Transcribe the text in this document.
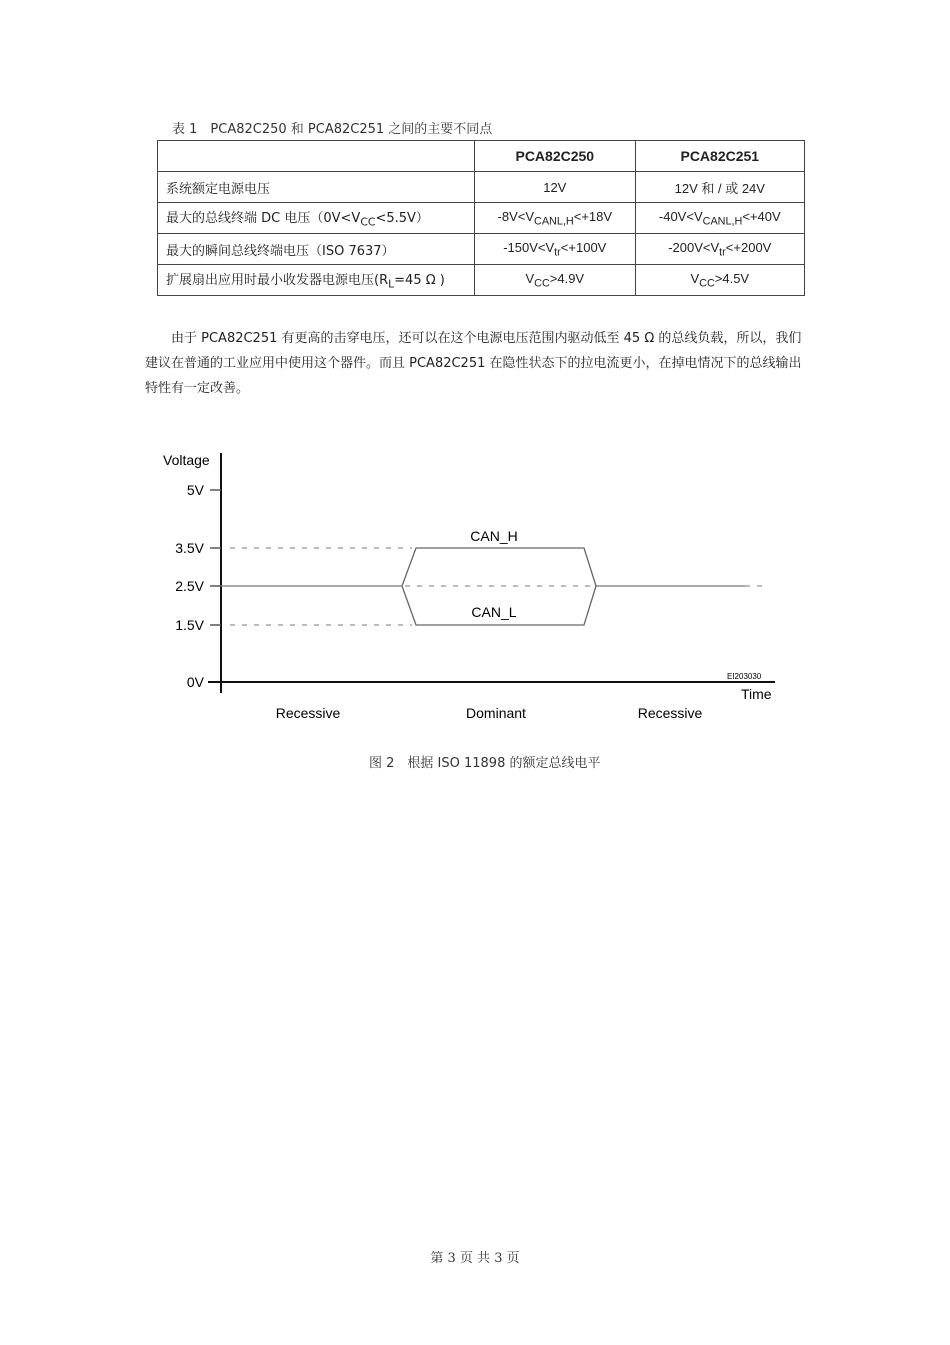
表 1　PCA82C250 和 PCA82C251 之间的主要不同点
	PCA82C250	PCA82C251
系统额定电源电压	12V	12V 和 / 或 24V
最大的总线终端 DC 电压$(0V<V_{CC}<5.5V)$	$-8V<V_{CANL,H}<+18V$	$-40V<V_{CANL,H}<+40V$
最大的瞬间总线终端电压（ISO 7637）	$-150V<V_{tr}<+100V$	$-200V<V_{tr}<+200V$
扩展扇出应用时最小收发器电源电压($R_L=45$ Ω )	$V_{CC}>4.9V$	$V_{CC}>4.5V$
由于 PCA82C251 有更高的击穿电压，还可以在这个电源电压范围内驱动低至 45 Ω 的总线负载，所以，我们建议在普通的工业应用中使用这个器件。而且 PCA82C251 在隐性状态下的拉电流更小，在掉电情况下的总线输出特性有一定改善。
Voltage
5V
3.5V
2.5V
1.5V
0V
CAN_H
CAN_L
EI203030
Time
Recessive	Dominant	Recessive
图 2　根据 ISO 11898 的额定总线电平
第 3 页 共 3 页
